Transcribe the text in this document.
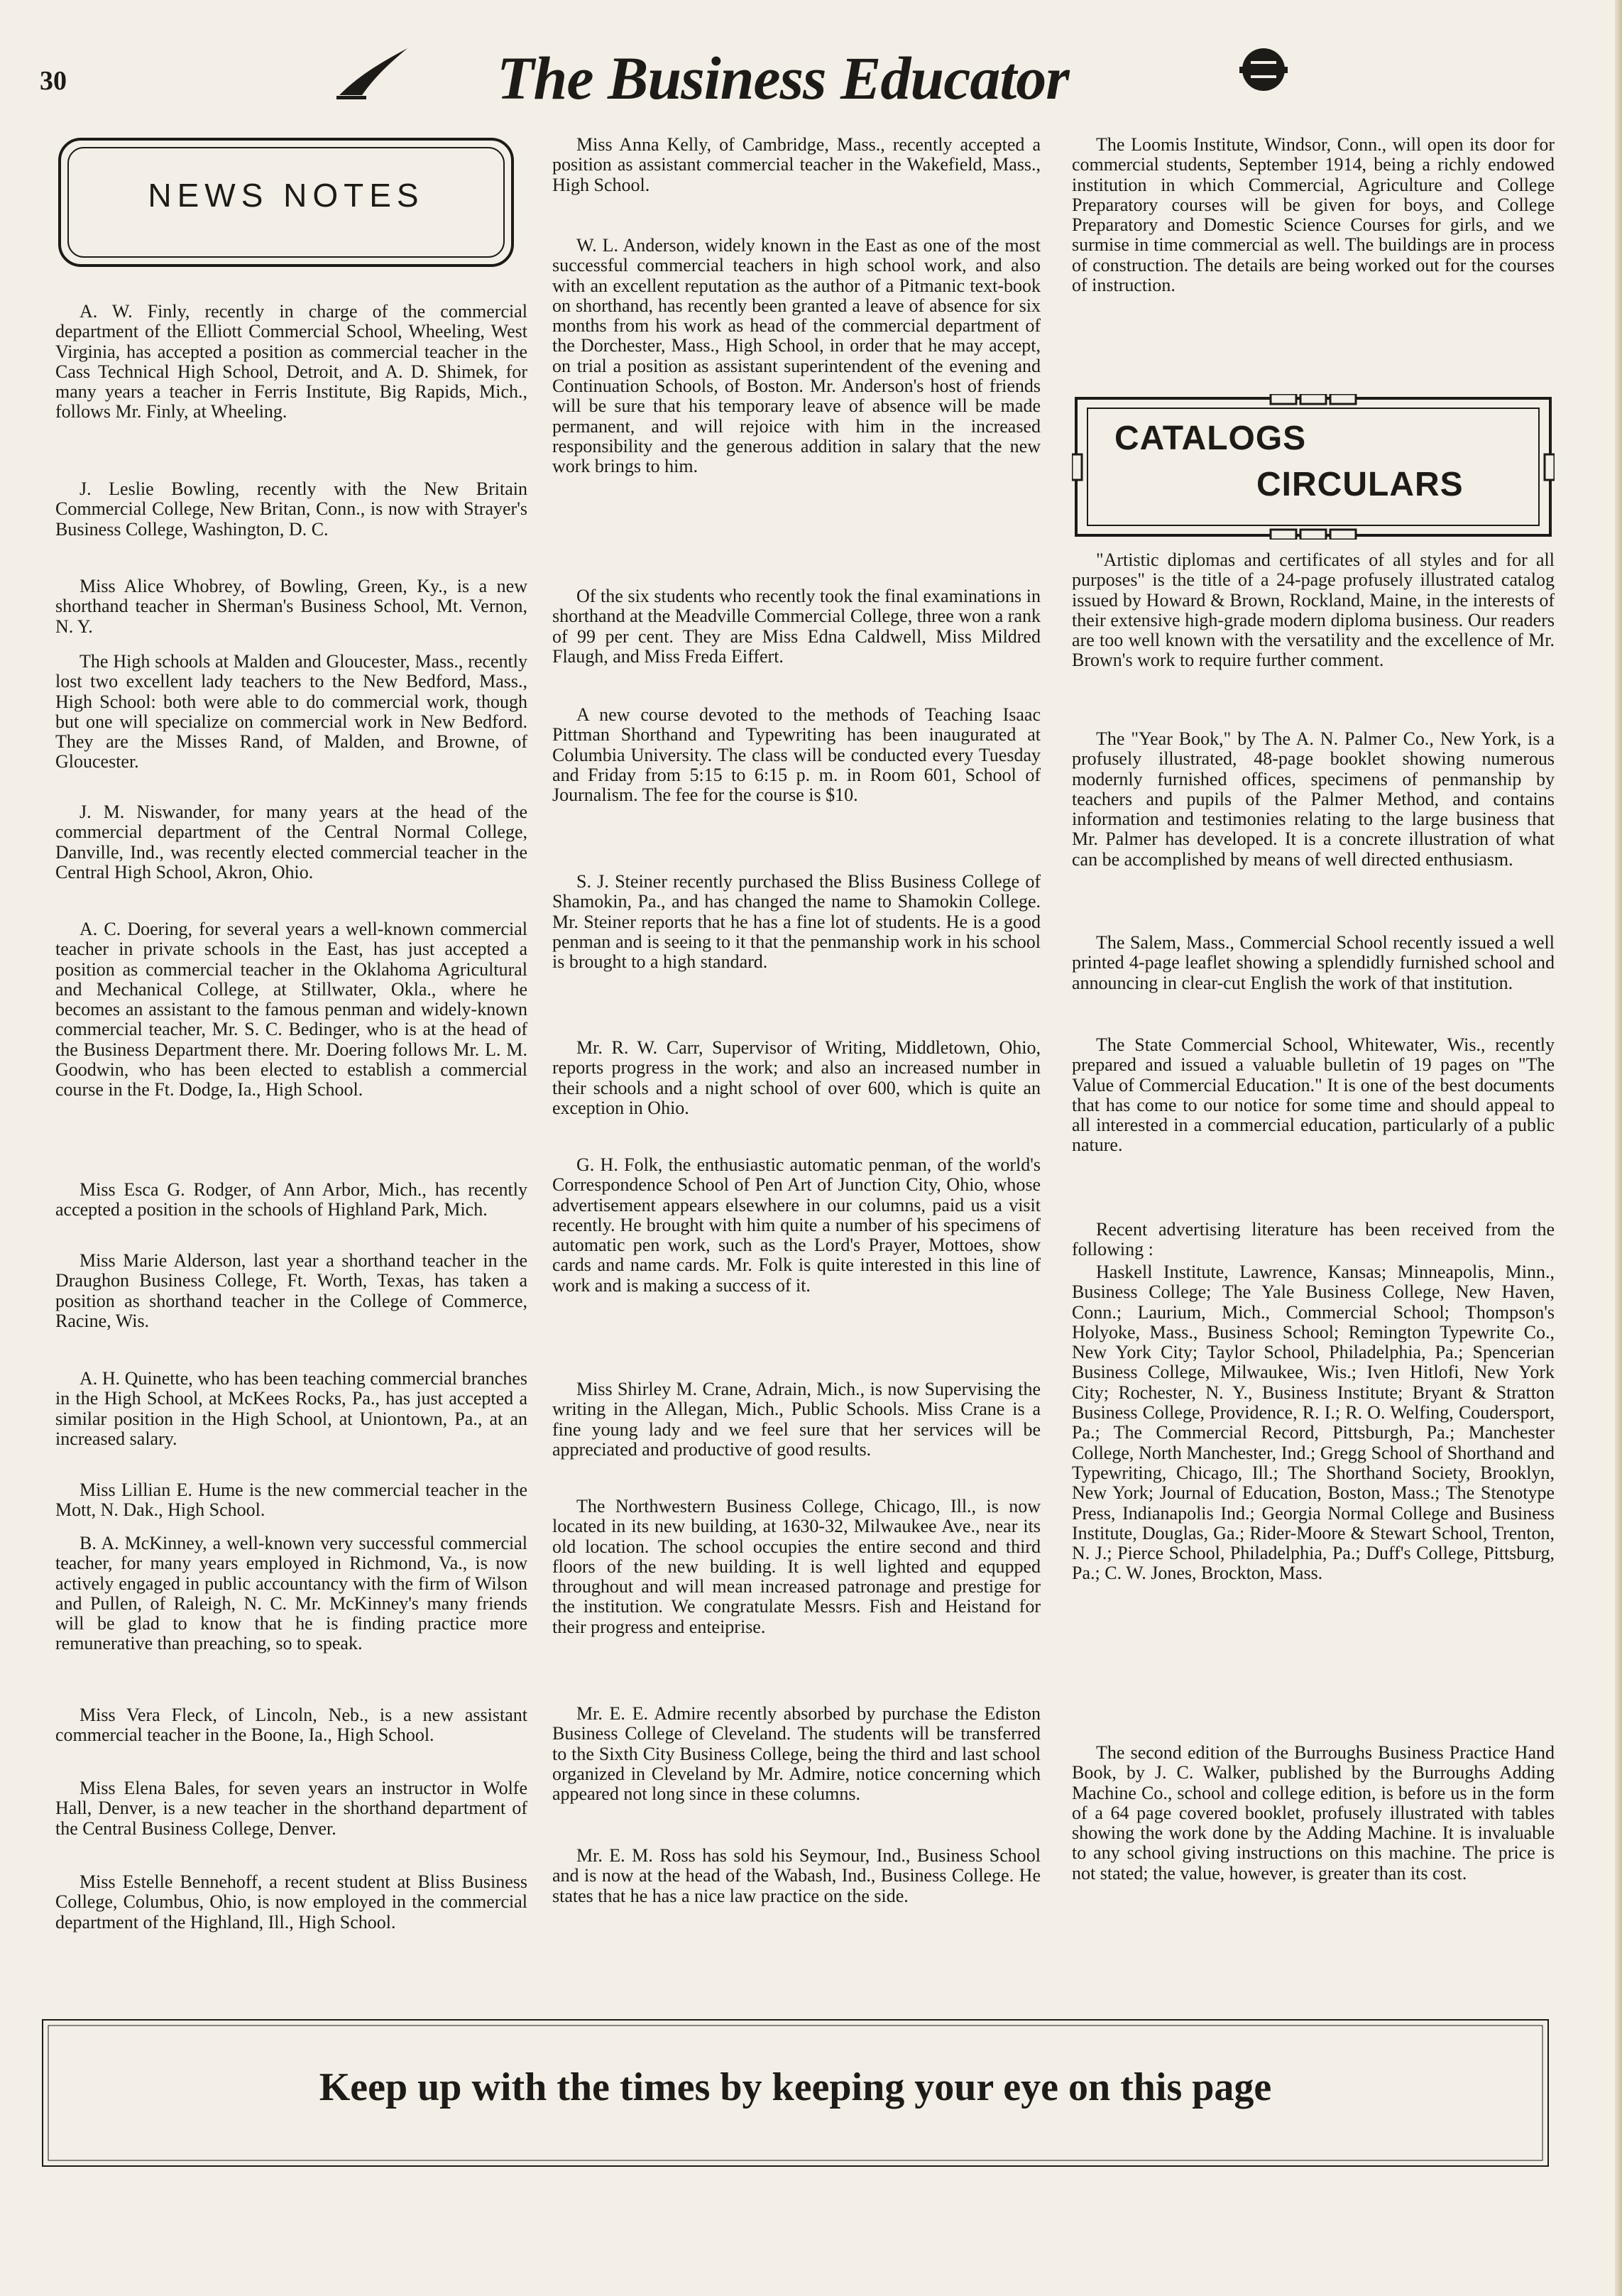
30	The Business Educator
NEWS NOTES

A. W. Finly, recently in charge of the commercial department of the Elliott Commercial School, Wheeling, West Virginia, has accepted a position as commercial teacher in the Cass Technical High School, Detroit, and A. D. Shimek, for many years a teacher in Ferris Institute, Big Rapids, Mich., follows Mr. Finly, at Wheeling.

J. Leslie Bowling, recently with the New Britain Commercial College, New Britan, Conn., is now with Strayer's Business College, Washington, D. C.

Miss Alice Whobrey, of Bowling, Green, Ky., is a new shorthand teacher in Sherman's Business School, Mt. Vernon, N. Y.

The High schools at Malden and Gloucester, Mass., recently lost two excellent lady teachers to the New Bedford, Mass., High School: both were able to do commercial work, though but one will specialize on commercial work in New Bedford. They are the Misses Rand, of Malden, and Browne, of Gloucester.

J. M. Niswander, for many years at the head of the commercial department of the Central Normal College, Danville, Ind., was recently elected commercial teacher in the Central High School, Akron, Ohio.

A. C. Doering, for several years a well-known commercial teacher in private schools in the East, has just accepted a position as commercial teacher in the Oklahoma Agricultural and Mechanical College, at Stillwater, Okla., where he becomes an assistant to the famous penman and widely-known commercial teacher, Mr. S. C. Bedinger, who is at the head of the Business Department there. Mr. Doering follows Mr. L. M. Goodwin, who has been elected to establish a commercial course in the Ft. Dodge, Ia., High School.

Miss Esca G. Rodger, of Ann Arbor, Mich., has recently accepted a position in the schools of Highland Park, Mich.

Miss Marie Alderson, last year a shorthand teacher in the Draughon Business College, Ft. Worth, Texas, has taken a position as shorthand teacher in the College of Commerce, Racine, Wis.

A. H. Quinette, who has been teaching commercial branches in the High School, at McKees Rocks, Pa., has just accepted a similar position in the High School, at Uniontown, Pa., at an increased salary.

Miss Lillian E. Hume is the new commercial teacher in the Mott, N. Dak., High School.

B. A. McKinney, a well-known very successful commercial teacher, for many years employed in Richmond, Va., is now actively engaged in public accountancy with the firm of Wilson and Pullen, of Raleigh, N. C. Mr. McKinney's many friends will be glad to know that he is finding practice more remunerative than preaching, so to speak.

Miss Vera Fleck, of Lincoln, Neb., is a new assistant commercial teacher in the Boone, Ia., High School.

Miss Elena Bales, for seven years an instructor in Wolfe Hall, Denver, is a new teacher in the shorthand department of the Central Business College, Denver.

Miss Estelle Bennehoff, a recent student at Bliss Business College, Columbus, Ohio, is now employed in the commercial department of the Highland, Ill., High School.

Miss Anna Kelly, of Cambridge, Mass., recently accepted a position as assistant commercial teacher in the Wakefield, Mass., High School.

W. L. Anderson, widely known in the East as one of the most successful commercial teachers in high school work, and also with an excellent reputation as the author of a Pitmanic text-book on shorthand, has recently been granted a leave of absence for six months from his work as head of the commercial department of the Dorchester, Mass., High School, in order that he may accept, on trial a position as assistant superintendent of the evening and Continuation Schools, of Boston. Mr. Anderson's host of friends will be sure that his temporary leave of absence will be made permanent, and will rejoice with him in the increased responsibility and the generous addition in salary that the new work brings to him.

Of the six students who recently took the final examinations in shorthand at the Meadville Commercial College, three won a rank of 99 per cent. They are Miss Edna Caldwell, Miss Mildred Flaugh, and Miss Freda Eiffert.

A new course devoted to the methods of Teaching Isaac Pittman Shorthand and Typewriting has been inaugurated at Columbia University. The class will be conducted every Tuesday and Friday from 5:15 to 6:15 p. m. in Room 601, School of Journalism. The fee for the course is $10.

S. J. Steiner recently purchased the Bliss Business College of Shamokin, Pa., and has changed the name to Shamokin College. Mr. Steiner reports that he has a fine lot of students. He is a good penman and is seeing to it that the penmanship work in his school is brought to a high standard.

Mr. R. W. Carr, Supervisor of Writing, Middletown, Ohio, reports progress in the work; and also an increased number in their schools and a night school of over 600, which is quite an exception in Ohio.

G. H. Folk, the enthusiastic automatic penman, of the world's Correspondence School of Pen Art of Junction City, Ohio, whose advertisement appears elsewhere in our columns, paid us a visit recently. He brought with him quite a number of his specimens of automatic pen work, such as the Lord's Prayer, Mottoes, show cards and name cards. Mr. Folk is quite interested in this line of work and is making a success of it.

Miss Shirley M. Crane, Adrain, Mich., is now Supervising the writing in the Allegan, Mich., Public Schools. Miss Crane is a fine young lady and we feel sure that her services will be appreciated and productive of good results.

The Northwestern Business College, Chicago, Ill., is now located in its new building, at 1630-32, Milwaukee Ave., near its old location. The school occupies the entire second and third floors of the new building. It is well lighted and equpped throughout and will mean increased patronage and prestige for the institution. We congratulate Messrs. Fish and Heistand for their progress and enteiprise.

Mr. E. E. Admire recently absorbed by purchase the Ediston Business College of Cleveland. The students will be transferred to the Sixth City Business College, being the third and last school organized in Cleveland by Mr. Admire, notice concerning which appeared not long since in these columns.

Mr. E. M. Ross has sold his Seymour, Ind., Business School and is now at the head of the Wabash, Ind., Business College. He states that he has a nice law practice on the side.

The Loomis Institute, Windsor, Conn., will open its door for commercial students, September 1914, being a richly endowed institution in which Commercial, Agriculture and College Preparatory courses will be given for boys, and College Preparatory and Domestic Science Courses for girls, and we surmise in time commercial as well. The buildings are in process of construction. The details are being worked out for the courses of instruction.

CATALOGS
CIRCULARS

"Artistic diplomas and certificates of all styles and for all purposes" is the title of a 24-page profusely illustrated catalog issued by Howard & Brown, Rockland, Maine, in the interests of their extensive high-grade modern diploma business. Our readers are too well known with the versatility and the excellence of Mr. Brown's work to require further comment.

The "Year Book," by The A. N. Palmer Co., New York, is a profusely illustrated, 48-page booklet showing numerous modernly furnished offices, specimens of penmanship by teachers and pupils of the Palmer Method, and contains information and testimonies relating to the large business that Mr. Palmer has developed. It is a concrete illustration of what can be accomplished by means of well directed enthusiasm.

The Salem, Mass., Commercial School recently issued a well printed 4-page leaflet showing a splendidly furnished school and announcing in clear-cut English the work of that institution.

The State Commercial School, Whitewater, Wis., recently prepared and issued a valuable bulletin of 19 pages on "The Value of Commercial Education." It is one of the best documents that has come to our notice for some time and should appeal to all interested in a commercial education, particularly of a public nature.

Recent advertising literature has been received from the following :

Haskell Institute, Lawrence, Kansas; Minneapolis, Minn., Business College; The Yale Business College, New Haven, Conn.; Laurium, Mich., Commercial School; Thompson's Holyoke, Mass., Business School; Remington Typewrite Co., New York City; Taylor School, Philadelphia, Pa.; Spencerian Business College, Milwaukee, Wis.; Iven Hitlofi, New York City; Rochester, N. Y., Business Institute; Bryant & Stratton Business College, Providence, R. I.; R. O. Welfing, Coudersport, Pa.; The Commercial Record, Pittsburgh, Pa.; Manchester College, North Manchester, Ind.; Gregg School of Shorthand and Typewriting, Chicago, Ill.; The Shorthand Society, Brooklyn, New York; Journal of Education, Boston, Mass.; The Stenotype Press, Indianapolis Ind.; Georgia Normal College and Business Institute, Douglas, Ga.; Rider-Moore & Stewart School, Trenton, N. J.; Pierce School, Philadelphia, Pa.; Duff's College, Pittsburg, Pa.; C. W. Jones, Brockton, Mass.

The second edition of the Burroughs Business Practice Hand Book, by J. C. Walker, published by the Burroughs Adding Machine Co., school and college edition, is before us in the form of a 64 page covered booklet, profusely illustrated with tables showing the work done by the Adding Machine. It is invaluable to any school giving instructions on this machine. The price is not stated; the value, however, is greater than its cost.

Keep up with the times by keeping your eye on this page
